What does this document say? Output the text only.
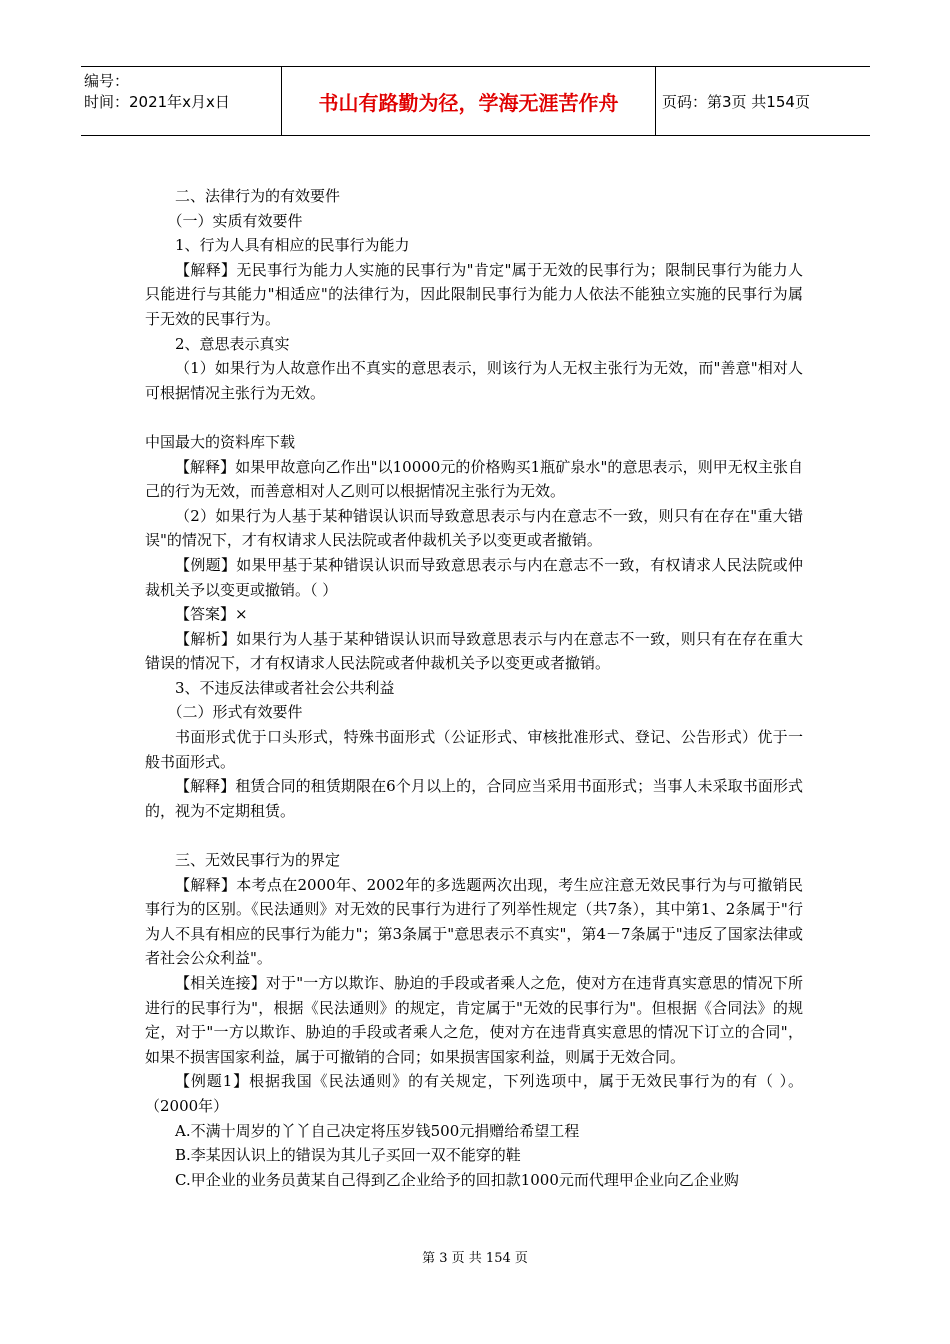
编号：
时间：2021年x月x日	书山有路勤为径，学海无涯苦作舟	页码：第3页 共154页

二、法律行为的有效要件

（一）实质有效要件

1、行为人具有相应的民事行为能力

【解释】无民事行为能力人实施的民事行为"肯定"属于无效的民事行为；限制民事行为能力人只能进行与其能力"相适应"的法律行为，因此限制民事行为能力人依法不能独立实施的民事行为属于无效的民事行为。

2、意思表示真实

（1）如果行为人故意作出不真实的意思表示，则该行为人无权主张行为无效，而"善意"相对人可根据情况主张行为无效。

中国最大的资料库下载

【解释】如果甲故意向乙作出"以10000元的价格购买1瓶矿泉水"的意思表示，则甲无权主张自己的行为无效，而善意相对人乙则可以根据情况主张行为无效。

（2）如果行为人基于某种错误认识而导致意思表示与内在意志不一致，则只有在存在"重大错误"的情况下，才有权请求人民法院或者仲裁机关予以变更或者撤销。

【例题】如果甲基于某种错误认识而导致意思表示与内在意志不一致，有权请求人民法院或仲裁机关予以变更或撤销。（ ）

【答案】×

【解析】如果行为人基于某种错误认识而导致意思表示与内在意志不一致，则只有在存在重大错误的情况下，才有权请求人民法院或者仲裁机关予以变更或者撤销。

3、不违反法律或者社会公共利益

（二）形式有效要件

书面形式优于口头形式，特殊书面形式（公证形式、审核批准形式、登记、公告形式）优于一般书面形式。

【解释】租赁合同的租赁期限在6个月以上的，合同应当采用书面形式；当事人未采取书面形式的，视为不定期租赁。

三、无效民事行为的界定

【解释】本考点在2000年、2002年的多选题两次出现，考生应注意无效民事行为与可撤销民事行为的区别。《民法通则》对无效的民事行为进行了列举性规定（共7条），其中第1、2条属于"行为人不具有相应的民事行为能力"；第3条属于"意思表示不真实"，第4－7条属于"违反了国家法律或者社会公众利益"。

【相关连接】对于"一方以欺诈、胁迫的手段或者乘人之危，使对方在违背真实意思的情况下所进行的民事行为"，根据《民法通则》的规定，肯定属于"无效的民事行为"。但根据《合同法》的规定，对于"一方以欺诈、胁迫的手段或者乘人之危，使对方在违背真实意思的情况下订立的合同"，如果不损害国家利益，属于可撤销的合同；如果损害国家利益，则属于无效合同。

【例题1】根据我国《民法通则》的有关规定，下列选项中，属于无效民事行为的有（ ）。（2000年）

A.不满十周岁的丫丫自己决定将压岁钱500元捐赠给希望工程

B.李某因认识上的错误为其儿子买回一双不能穿的鞋

C.甲企业的业务员黄某自己得到乙企业给予的回扣款1000元而代理甲企业向乙企业购

第 3 页 共 154 页
